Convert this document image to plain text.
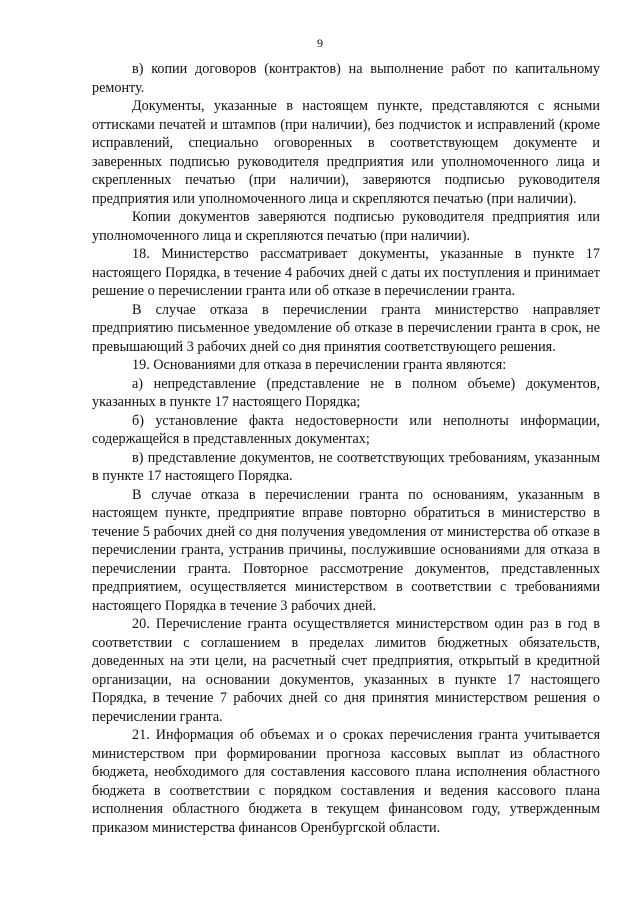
9

в) копии договоров (контрактов) на выполнение работ по капитальному ремонту.

Документы, указанные в настоящем пункте, представляются с ясными оттисками печатей и штампов (при наличии), без подчисток и исправлений (кроме исправлений, специально оговоренных в соответствующем документе и заверенных подписью руководителя предприятия или уполномоченного лица и скрепленных печатью (при наличии), заверяются подписью руководителя предприятия или уполномоченного лица и скрепляются печатью (при наличии).

Копии документов заверяются подписью руководителя предприятия или уполномоченного лица и скрепляются печатью (при наличии).

18. Министерство рассматривает документы, указанные в пункте 17 настоящего Порядка, в течение 4 рабочих дней с даты их поступления и принимает решение о перечислении гранта или об отказе в перечислении гранта.

В случае отказа в перечислении гранта министерство направляет предприятию письменное уведомление об отказе в перечислении гранта в срок, не превышающий 3 рабочих дней со дня принятия соответствующего решения.

19. Основаниями для отказа в перечислении гранта являются:

а) непредставление (представление не в полном объеме) документов, указанных в пункте 17 настоящего Порядка;

б) установление факта недостоверности или неполноты информации, содержащейся в представленных документах;

в) представление документов, не соответствующих требованиям, указанным в пункте 17 настоящего Порядка.

В случае отказа в перечислении гранта по основаниям, указанным в настоящем пункте, предприятие вправе повторно обратиться в министерство в течение 5 рабочих дней со дня получения уведомления от министерства об отказе в перечислении гранта, устранив причины, послужившие основаниями для отказа в перечислении гранта. Повторное рассмотрение документов, представленных предприятием, осуществляется министерством в соответствии с требованиями настоящего Порядка в течение 3 рабочих дней.

20. Перечисление гранта осуществляется министерством один раз в год в соответствии с соглашением в пределах лимитов бюджетных обязательств, доведенных на эти цели, на расчетный счет предприятия, открытый в кредитной организации, на основании документов, указанных в пункте 17 настоящего Порядка, в течение 7 рабочих дней со дня принятия министерством решения о перечислении гранта.

21. Информация об объемах и о сроках перечисления гранта учитывается министерством при формировании прогноза кассовых выплат из областного бюджета, необходимого для составления кассового плана исполнения областного бюджета в соответствии с порядком составления и ведения кассового плана исполнения областного бюджета в текущем финансовом году, утвержденным приказом министерства финансов Оренбургской области.
